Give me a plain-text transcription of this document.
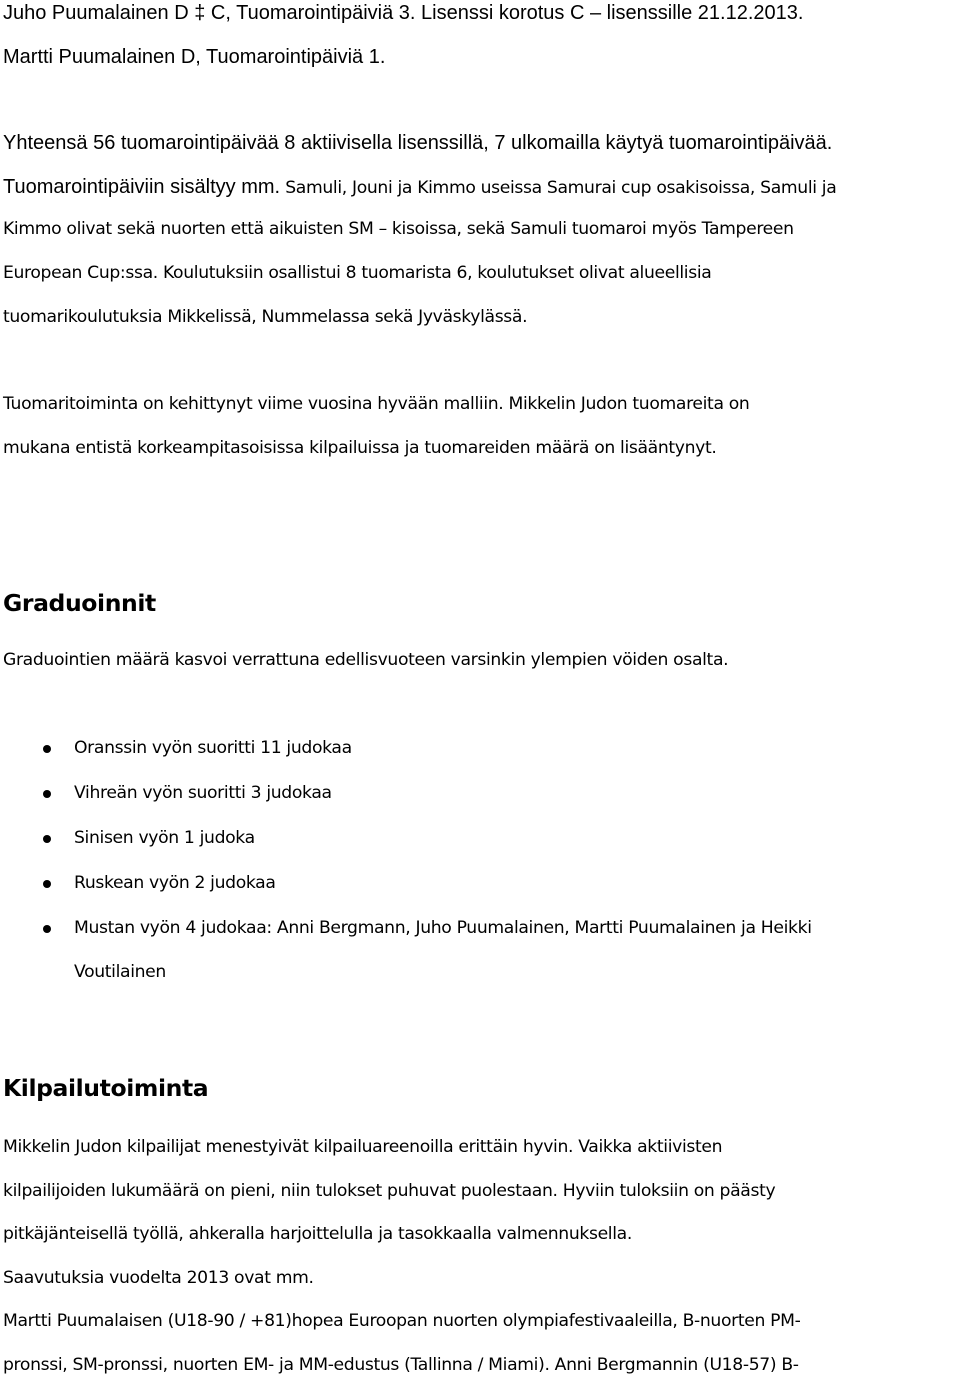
Juho Puumalainen D ‡ C, Tuomarointipäiviä 3. Lisenssi korotus C – lisenssille 21.12.2013.
Martti Puumalainen D, Tuomarointipäiviä 1.
Yhteensä 56 tuomarointipäivää 8 aktiivisella lisenssillä, 7 ulkomailla käytyä tuomarointipäivää.
Tuomarointipäiviin sisältyy mm. Samuli, Jouni ja Kimmo useissa Samurai cup osakisoissa, Samuli ja
Kimmo olivat sekä nuorten että aikuisten SM – kisoissa, sekä Samuli tuomaroi myös Tampereen
European Cup:ssa. Koulutuksiin osallistui 8 tuomarista 6, koulutukset olivat alueellisia
tuomarikoulutuksia Mikkelissä, Nummelassa sekä Jyväskylässä.
Tuomaritoiminta on kehittynyt viime vuosina hyvään malliin. Mikkelin Judon tuomareita on
mukana entistä korkeampitasoisissa kilpailuissa ja tuomareiden määrä on lisääntynyt.
Graduoinnit
Graduointien määrä kasvoi verrattuna edellisvuoteen varsinkin ylempien vöiden osalta.
Oranssin vyön suoritti 11 judokaa
Vihreän vyön suoritti 3 judokaa
Sinisen vyön 1 judoka
Ruskean vyön 2 judokaa
Mustan vyön 4 judokaa: Anni Bergmann, Juho Puumalainen, Martti Puumalainen ja Heikki
Voutilainen
Kilpailutoiminta
Mikkelin Judon kilpailijat menestyivät kilpailuareenoilla erittäin hyvin. Vaikka aktiivisten
kilpailijoiden lukumäärä on pieni, niin tulokset puhuvat puolestaan. Hyviin tuloksiin on päästy
pitkäjänteisellä työllä, ahkeralla harjoittelulla ja tasokkaalla valmennuksella.
Saavutuksia vuodelta 2013 ovat mm.
Martti Puumalaisen (U18-90 / +81)hopea Euroopan nuorten olympiafestivaaleilla, B-nuorten PM-
pronssi, SM-pronssi, nuorten EM- ja MM-edustus (Tallinna / Miami). Anni Bergmannin (U18-57) B-
